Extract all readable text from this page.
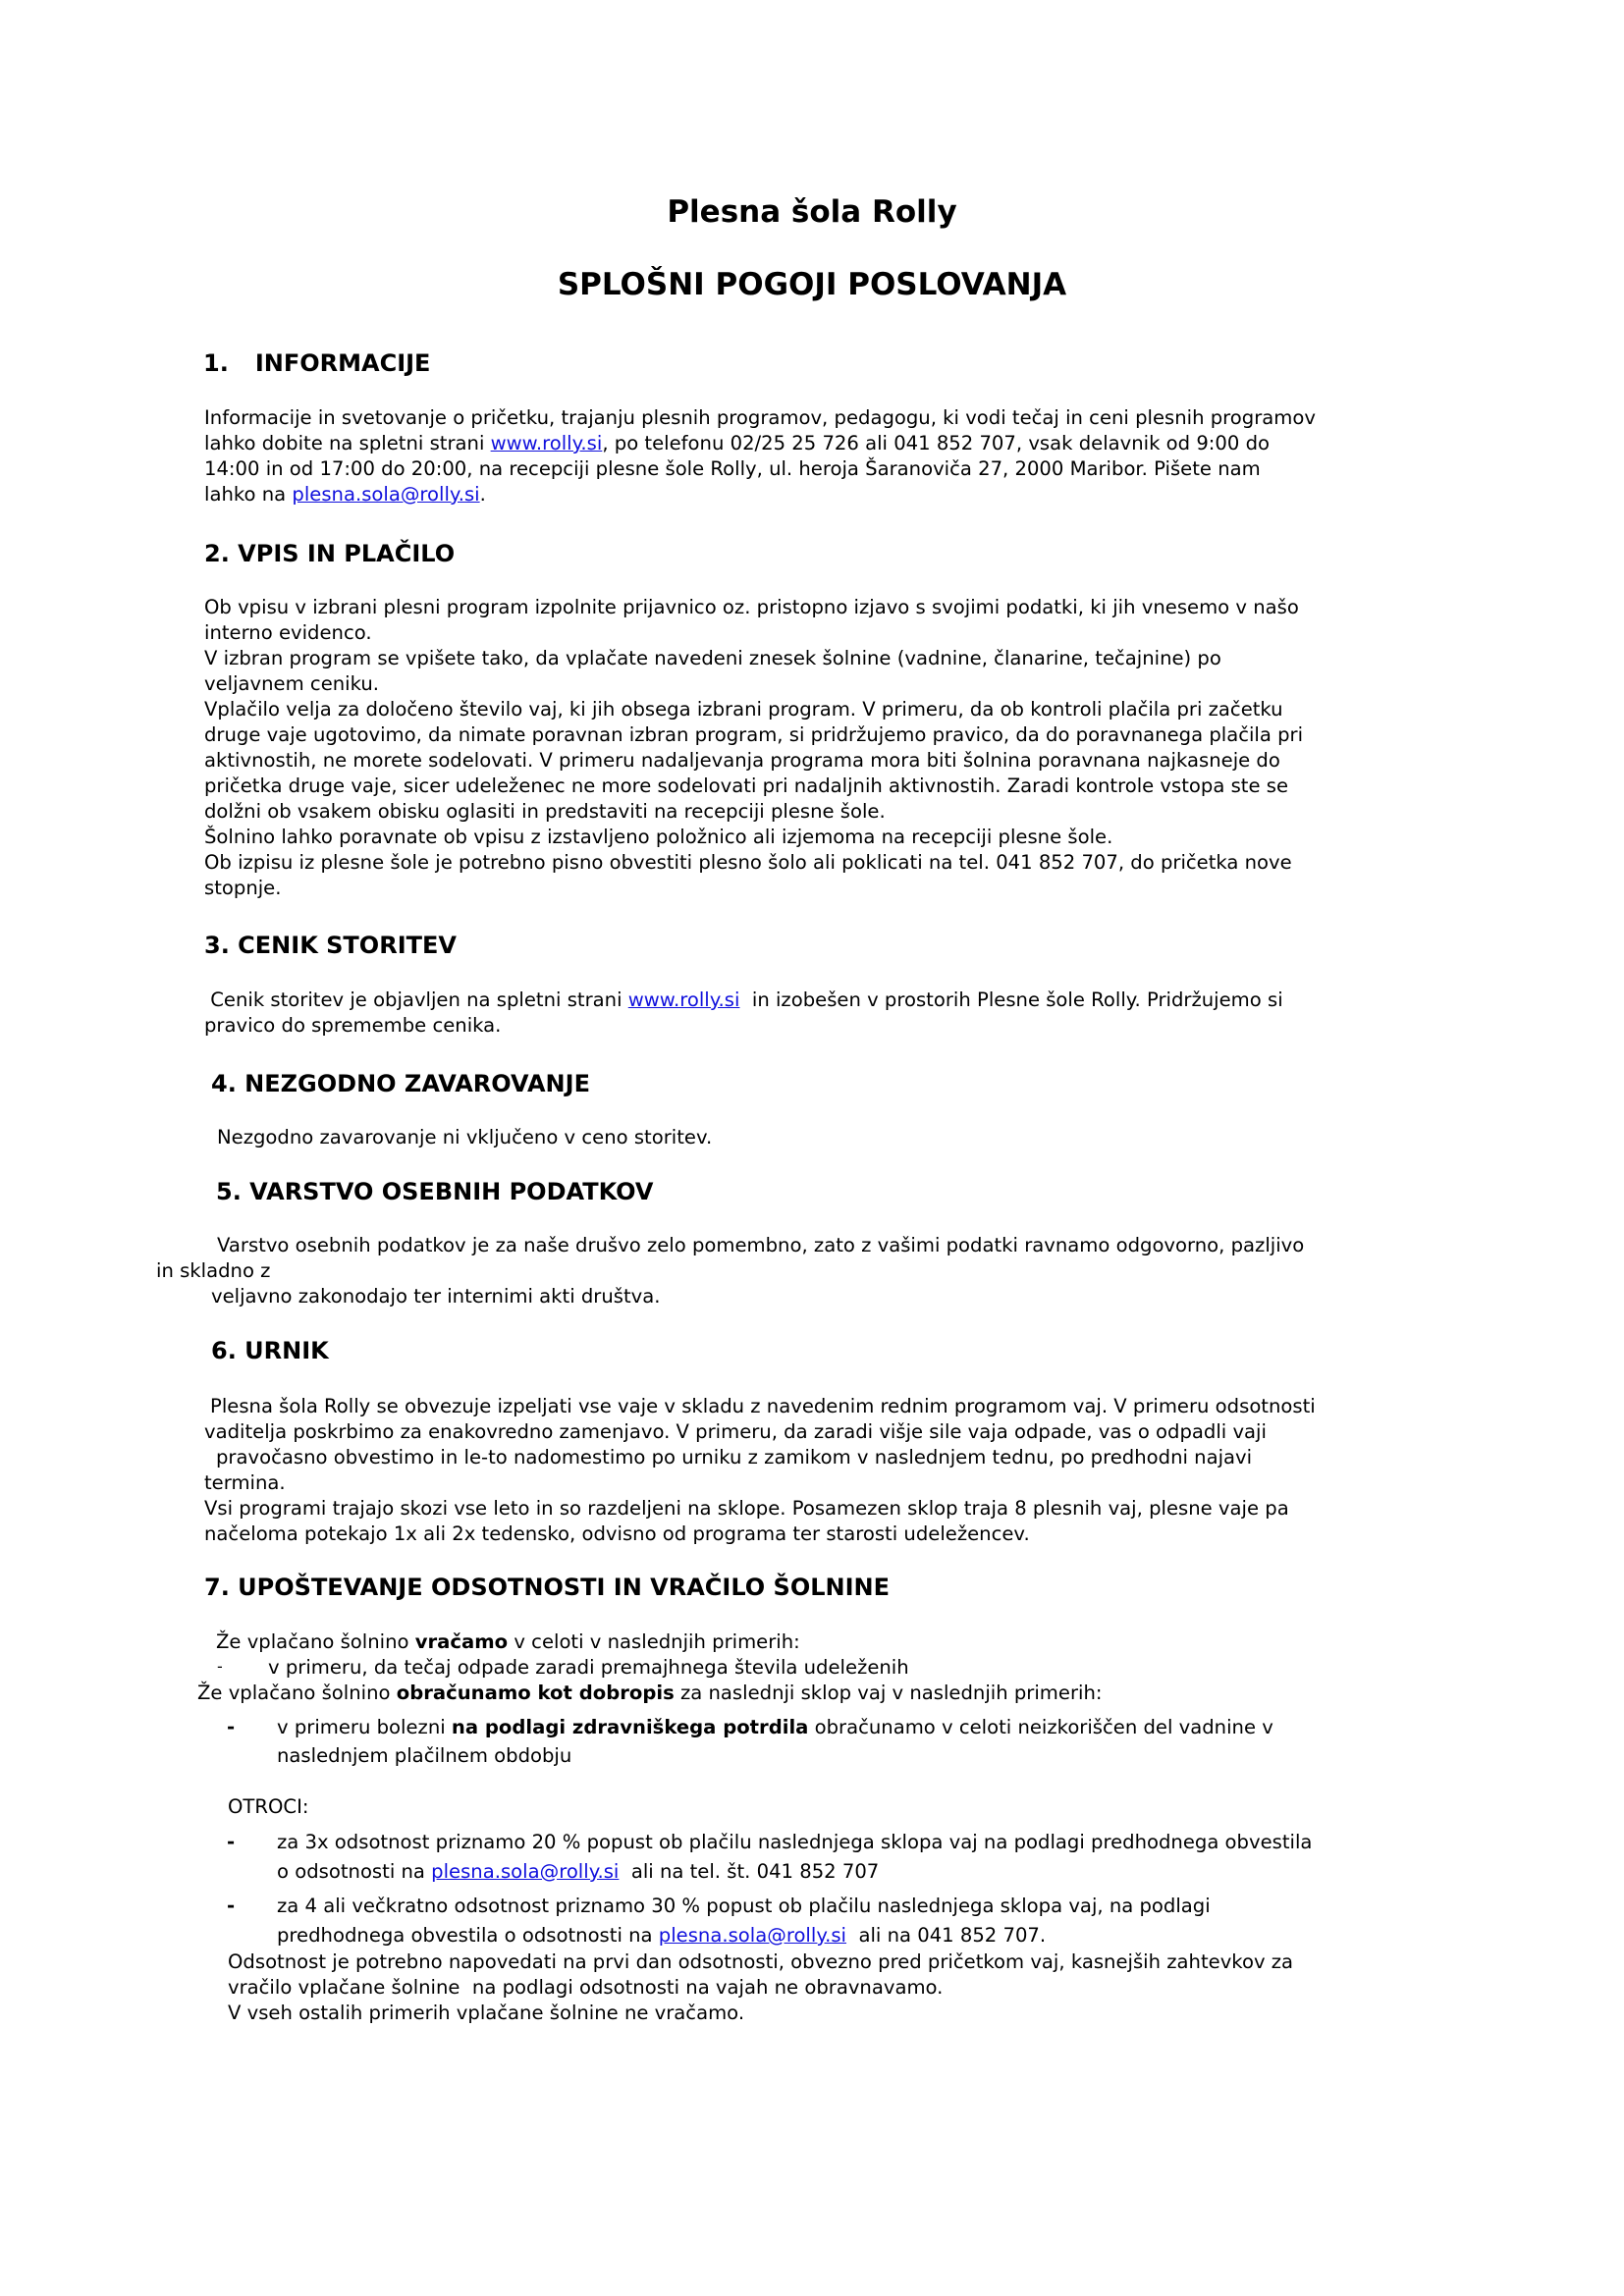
Plesna šola Rolly
SPLOŠNI POGOJI POSLOVANJA
1. INFORMACIJE
Informacije in svetovanje o pričetku, trajanju plesnih programov, pedagogu, ki vodi tečaj in ceni plesnih programov
lahko dobite na spletni strani www.rolly.si, po telefonu 02/25 25 726 ali 041 852 707, vsak delavnik od 9:00 do
14:00 in od 17:00 do 20:00, na recepciji plesne šole Rolly, ul. heroja Šaranoviča 27, 2000 Maribor. Pišete nam
lahko na plesna.sola@rolly.si.
2. VPIS IN PLAČILO
Ob vpisu v izbrani plesni program izpolnite prijavnico oz. pristopno izjavo s svojimi podatki, ki jih vnesemo v našo
interno evidenco.
V izbran program se vpišete tako, da vplačate navedeni znesek šolnine (vadnine, članarine, tečajnine) po
veljavnem ceniku.
Vplačilo velja za določeno število vaj, ki jih obsega izbrani program. V primeru, da ob kontroli plačila pri začetku
druge vaje ugotovimo, da nimate poravnan izbran program, si pridržujemo pravico, da do poravnanega plačila pri
aktivnostih, ne morete sodelovati. V primeru nadaljevanja programa mora biti šolnina poravnana najkasneje do
pričetka druge vaje, sicer udeleženec ne more sodelovati pri nadaljnih aktivnostih. Zaradi kontrole vstopa ste se
dolžni ob vsakem obisku oglasiti in predstaviti na recepciji plesne šole.
Šolnino lahko poravnate ob vpisu z izstavljeno položnico ali izjemoma na recepciji plesne šole.
Ob izpisu iz plesne šole je potrebno pisno obvestiti plesno šolo ali poklicati na tel. 041 852 707, do pričetka nove
stopnje.
3. CENIK STORITEV
Cenik storitev je objavljen na spletni strani www.rolly.si  in izobešen v prostorih Plesne šole Rolly. Pridržujemo si
pravico do spremembe cenika.
4. NEZGODNO ZAVAROVANJE
Nezgodno zavarovanje ni vključeno v ceno storitev.
5. VARSTVO OSEBNIH PODATKOV
Varstvo osebnih podatkov je za naše drušvo zelo pomembno, zato z vašimi podatki ravnamo odgovorno, pazljivo
in skladno z
veljavno zakonodajo ter internimi akti društva.
6. URNIK
Plesna šola Rolly se obvezuje izpeljati vse vaje v skladu z navedenim rednim programom vaj. V primeru odsotnosti
vaditelja poskrbimo za enakovredno zamenjavo. V primeru, da zaradi višje sile vaja odpade, vas o odpadli vaji
pravočasno obvestimo in le-to nadomestimo po urniku z zamikom v naslednjem tednu, po predhodni najavi
termina.
Vsi programi trajajo skozi vse leto in so razdeljeni na sklope. Posamezen sklop traja 8 plesnih vaj, plesne vaje pa
načeloma potekajo 1x ali 2x tedensko, odvisno od programa ter starosti udeležencev.
7. UPOŠTEVANJE ODSOTNOSTI IN VRAČILO ŠOLNINE
Že vplačano šolnino vračamo v celoti v naslednjih primerih:
- v primeru, da tečaj odpade zaradi premajhnega števila udeleženih
Že vplačano šolnino obračunamo kot dobropis za naslednji sklop vaj v naslednjih primerih:
- v primeru bolezni na podlagi zdravniškega potrdila obračunamo v celoti neizkoriščen del vadnine v
naslednjem plačilnem obdobju
OTROCI:
- za 3x odsotnost priznamo 20 % popust ob plačilu naslednjega sklopa vaj na podlagi predhodnega obvestila
o odsotnosti na plesna.sola@rolly.si  ali na tel. št. 041 852 707
- za 4 ali večkratno odsotnost priznamo 30 % popust ob plačilu naslednjega sklopa vaj, na podlagi
predhodnega obvestila o odsotnosti na plesna.sola@rolly.si  ali na 041 852 707.
Odsotnost je potrebno napovedati na prvi dan odsotnosti, obvezno pred pričetkom vaj, kasnejših zahtevkov za
vračilo vplačane šolnine  na podlagi odsotnosti na vajah ne obravnavamo.
V vseh ostalih primerih vplačane šolnine ne vračamo.
